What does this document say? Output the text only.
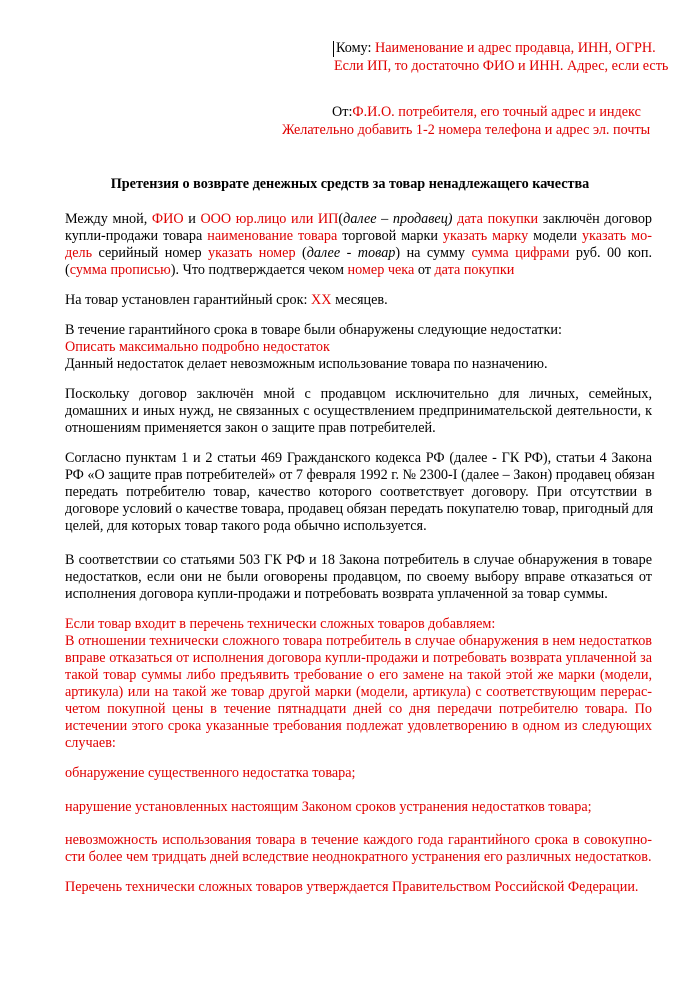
Кому: Наименование и адрес продавца, ИНН, ОГРН.
Если ИП, то достаточно ФИО и ИНН. Адрес, если есть
От:Ф.И.О. потребителя, его точный адрес и индекс
Желательно добавить 1-2 номера телефона и адрес эл. почты
Претензия о возврате денежных средств за товар ненадлежащего качества
Между мной, ФИО и ООО юр.лицо или ИП(далее – продавец) дата покупки заключён договор
купли-продажи товара наименование товара торговой марки указать марку модели указать мо-
дель серийный номер указать номер (далее - товар) на сумму сумма цифрами руб. 00 коп.
(сумма прописью). Что подтверждается чеком номер чека от дата покупки
На товар установлен гарантийный срок: XX месяцев.
В течение гарантийного срока в товаре были обнаружены следующие недостатки:
Описать максимально подробно недостаток
Данный недостаток делает невозможным использование товара по назначению.
Поскольку договор заключён мной с продавцом исключительно для личных, семейных,
домашних и иных нужд, не связанных с осуществлением предпринимательской деятельности, к
отношениям применяется закон о защите прав потребителей.
Согласно пунктам 1 и 2 статьи 469 Гражданского кодекса РФ (далее - ГК РФ), статьи 4 Закона
РФ «О защите прав потребителей» от 7 февраля 1992 г. № 2300-I (далее – Закон) продавец обязан
передать потребителю товар, качество которого соответствует договору. При отсутствии в
договоре условий о качестве товара, продавец обязан передать покупателю товар, пригодный для
целей, для которых товар такого рода обычно используется.
В соответствии со статьями 503 ГК РФ и 18 Закона потребитель в случае обнаружения в товаре
недостатков, если они не были оговорены продавцом, по своему выбору вправе отказаться от
исполнения договора купли-продажи и потребовать возврата уплаченной за товар суммы.
Если товар входит в перечень технически сложных товаров добавляем:
В отношении технически сложного товара потребитель в случае обнаружения в нем недостатков
вправе отказаться от исполнения договора купли-продажи и потребовать возврата уплаченной за
такой товар суммы либо предъявить требование о его замене на такой этой же марки (модели,
артикула) или на такой же товар другой марки (модели, артикула) с соответствующим перерас-
четом покупной цены в течение пятнадцати дней со дня передачи потребителю товара. По
истечении этого срока указанные требования подлежат удовлетворению в одном из следующих
случаев:
обнаружение существенного недостатка товара;
нарушение установленных настоящим Законом сроков устранения недостатков товара;
невозможность использования товара в течение каждого года гарантийного срока в совокупно-
сти более чем тридцать дней вследствие неоднократного устранения его различных недостатков.
Перечень технически сложных товаров утверждается Правительством Российской Федерации.
